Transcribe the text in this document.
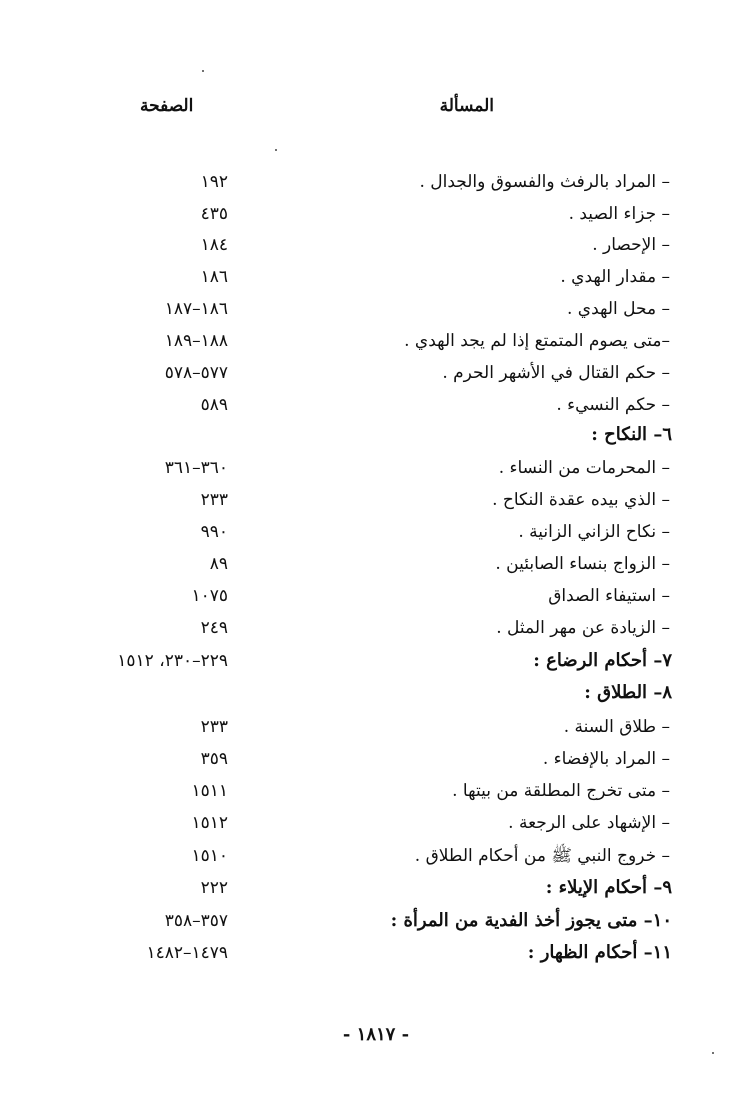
المسألة
الصفحة
– المراد بالرفث والفسوق والجدال .
١٩٢
– جزاء الصيد .
٤٣٥
– الإحصار .
١٨٤
– مقدار الهدي .
١٨٦
– محل الهدي .
١٨٦–١٨٧
–متى يصوم المتمتع إذا لم يجد الهدي .
١٨٨–١٨٩
– حكم القتال في الأشهر الحرم .
٥٧٧–٥٧٨
– حكم النسيء .
٥٨٩
٦– النكاح :
– المحرمات من النساء .
٣٦٠–٣٦١
– الذي بيده عقدة النكاح .
٢٣٣
– نكاح الزاني الزانية .
٩٩٠
– الزواج بنساء الصابئين .
٨٩
– استيفاء الصداق
١٠٧٥
– الزيادة عن مهر المثل .
٢٤٩
٧– أحكام الرضاع :
٢٢٩–٢٣٠، ١٥١٢
٨– الطلاق :
– طلاق السنة .
٢٣٣
– المراد بالإفضاء .
٣٥٩
– متى تخرج المطلقة من بيتها .
١٥١١
– الإشهاد على الرجعة .
١٥١٢
– خروج النبي ﷺ من أحكام الطلاق .
١٥١٠
٩– أحكام الإيلاء :
٢٢٢
١٠– متى يجوز أخذ الفدية من المرأة :
٣٥٧–٣٥٨
١١– أحكام الظهار :
١٤٧٩–١٤٨٢
- ١٨١٧ -
